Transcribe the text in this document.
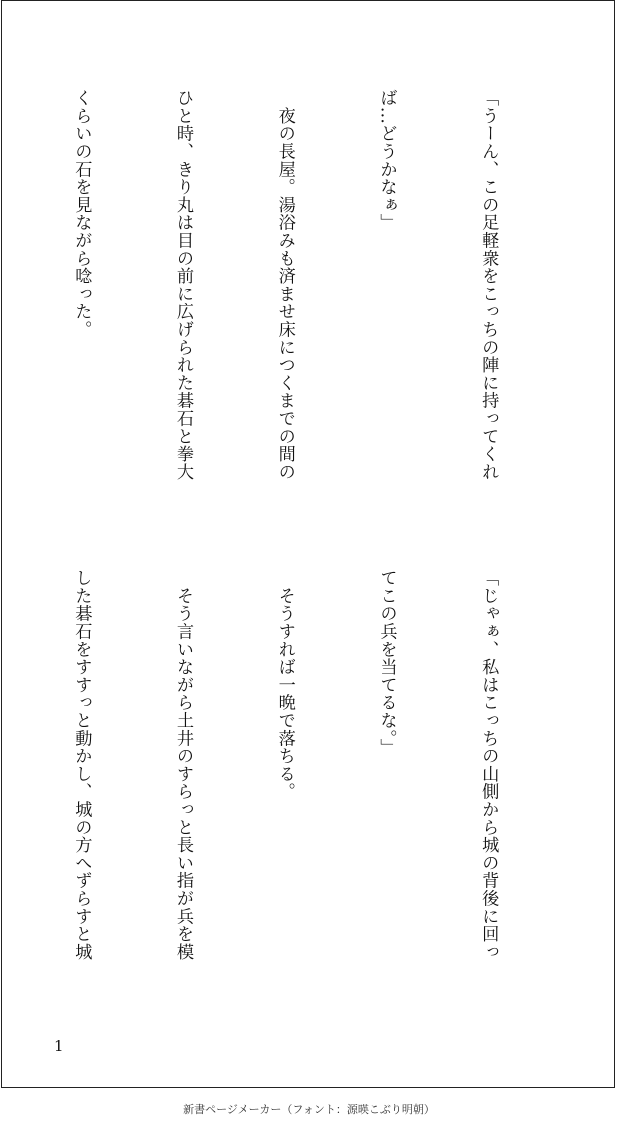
「うーん、この足軽衆をこっちの陣に持ってくれ

ば…どうかなぁ」

　夜の長屋。湯浴みも済ませ床につくまでの間の

ひと時、きり丸は目の前に広げられた碁石と拳大

くらいの石を見ながら唸った。

「じゃぁ、私はこっちの山側から城の背後に回っ

てこの兵を当てるな。」

　そうすれば一晩で落ちる。

　そう言いながら土井のすらっと長い指が兵を模

した碁石をすすっと動かし、城の方へずらすと城

1
新書ページメーカー（フォント：源暎こぶり明朝）
